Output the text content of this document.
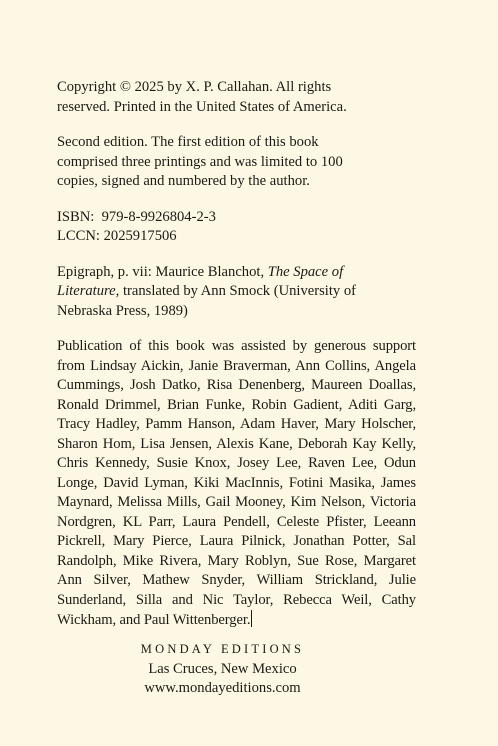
Copyright © 2025 by X. P. Callahan. All rights
reserved. Printed in the United States of America.

Second edition. The first edition of this book
comprised three printings and was limited to 100
copies, signed and numbered by the author.

ISBN:  979-8-9926804-2-3
LCCN: 2025917506

Epigraph, p. vii: Maurice Blanchot, The Space of
Literature, translated by Ann Smock (University of
Nebraska Press, 1989)

Publication of this book was assisted by generous support from Lindsay Aickin, Janie Braverman, Ann Collins, Angela Cummings, Josh Datko, Risa Denenberg, Maureen Doallas, Ronald Drimmel, Brian Funke, Robin Gadient, Aditi Garg, Tracy Hadley, Pamm Hanson, Adam Haver, Mary Holscher, Sharon Hom, Lisa Jensen, Alexis Kane, Deborah Kay Kelly, Chris Kennedy, Susie Knox, Josey Lee, Raven Lee, Odun Longe, David Lyman, Kiki MacInnis, Fotini Masika, James Maynard, Melissa Mills, Gail Mooney, Kim Nelson, Victoria Nordgren, KL Parr, Laura Pendell, Celeste Pfister, Leeann Pickrell, Mary Pierce, Laura Pilnick, Jonathan Potter, Sal Randolph, Mike Rivera, Mary Roblyn, Sue Rose, Margaret Ann Silver, Mathew Snyder, William Strickland, Julie Sunderland, Silla and Nic Taylor, Rebecca Weil, Cathy Wickham, and Paul Wittenberger.

MONDAY EDITIONS
Las Cruces, New Mexico
www.mondayeditions.com
